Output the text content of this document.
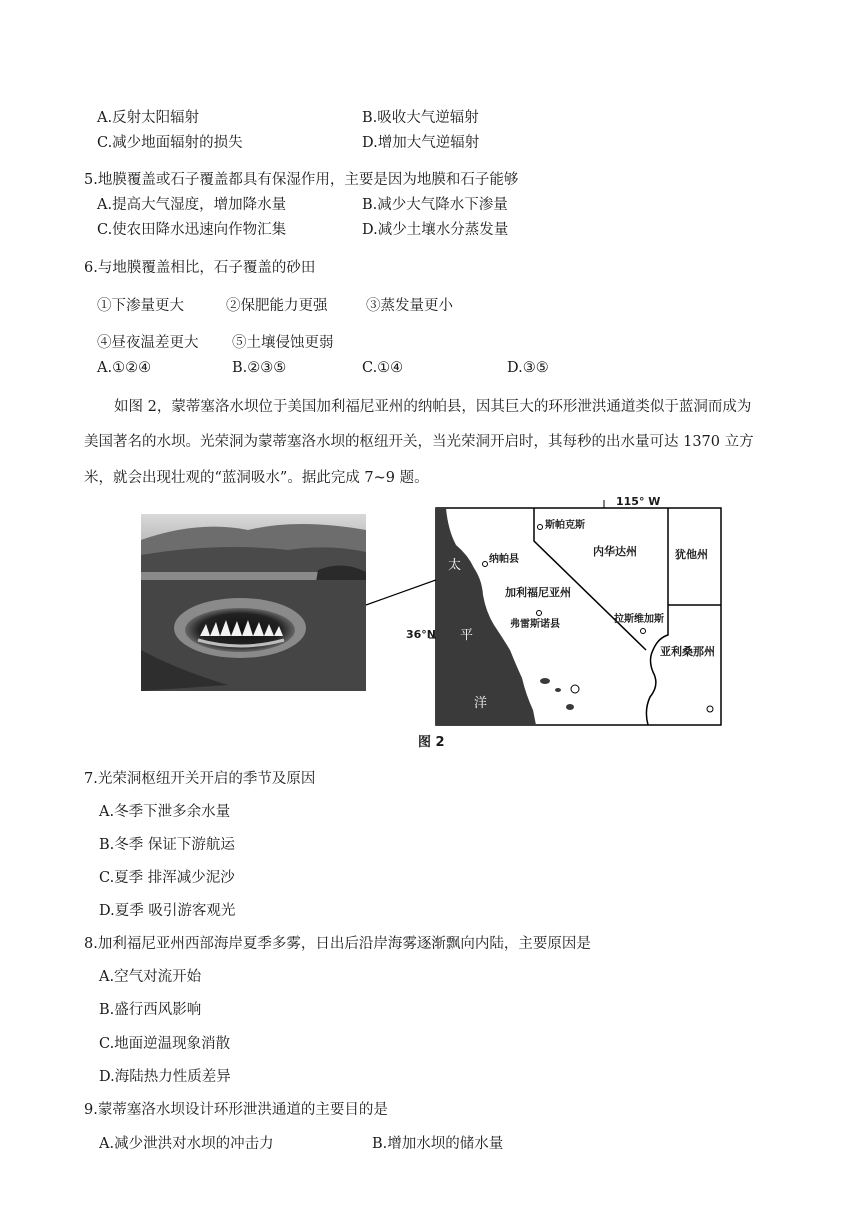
A.反射太阳辐射	B.吸收大气逆辐射
C.减少地面辐射的损失	D.增加大气逆辐射
5.地膜覆盖或石子覆盖都具有保湿作用，主要是因为地膜和石子能够
A.提高大气湿度，增加降水量	B.减少大气降水下渗量
C.使农田降水迅速向作物汇集	D.减少土壤水分蒸发量
6.与地膜覆盖相比，石子覆盖的砂田
①下渗量更大	②保肥能力更强	③蒸发量更小
④昼夜温差更大 ⑤土壤侵蚀更弱
A.①②④	B.②③⑤	C.①④	D.③⑤
如图 2，蒙蒂塞洛水坝位于美国加利福尼亚州的纳帕县，因其巨大的环形泄洪通道类似于蓝洞而成为
美国著名的水坝。光荣洞为蒙蒂塞洛水坝的枢纽开关，当光荣洞开启时，其每秒的出水量可达 1370 立方
米，就会出现壮观的“蓝洞吸水”。据此完成 7~9 题。
115° W
36°N
太
平
洋
斯帕克斯
纳帕县
内华达州	犹他州
加利福尼亚州
弗雷斯诺县	拉斯维加斯
亚利桑那州
图 2
7.光荣洞枢纽开关开启的季节及原因
A.冬季下泄多余水量
B.冬季 保证下游航运
C.夏季 排浑减少泥沙
D.夏季 吸引游客观光
8.加利福尼亚州西部海岸夏季多雾，日出后沿岸海雾逐渐飘向内陆，主要原因是
A.空气对流开始
B.盛行西风影响
C.地面逆温现象消散
D.海陆热力性质差异
9.蒙蒂塞洛水坝设计环形泄洪通道的主要目的是
A.减少泄洪对水坝的冲击力	B.增加水坝的储水量
